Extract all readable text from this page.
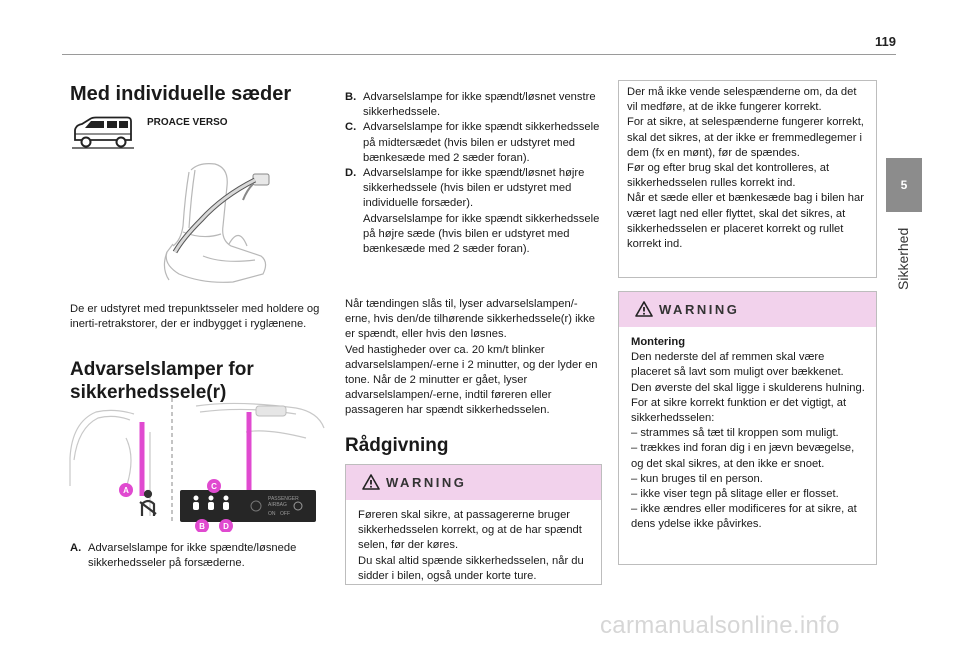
119
5
Sikkerhed
Med individuelle sæder
PROACE VERSO
De er udstyret med trepunktsseler med holdere og inerti-retrakstorer, der er indbygget i ryglænene.
Advarselslamper for sikkerhedssele(r)
A	C
B D
PASSENGER
AIRBAG
ON OFF
A. Advarselslampe for ikke spændte/løsnede sikkerhedsseler på forsæderne.
B. Advarselslampe for ikke spændt/løsnet venstre sikkerhedssele.
C. Advarselslampe for ikke spændt sikkerhedssele på midtersædet (hvis bilen er udstyret med bænkesæde med 2 sæder foran).
D. Advarselslampe for ikke spændt/løsnet højre sikkerhedssele (hvis bilen er udstyret med individuelle forsæder).
Advarselslampe for ikke spændt sikkerhedssele på højre sæde (hvis bilen er udstyret med bænkesæde med 2 sæder foran).
Når tændingen slås til, lyser advarselslampen/-erne, hvis den/de tilhørende sikkerhedssele(r) ikke er spændt, eller hvis den løsnes.
Ved hastigheder over ca. 20 km/t blinker advarselslampen/-erne i 2 minutter, og der lyder en tone. Når de 2 minutter er gået, lyser advarselslampen/-erne, indtil føreren eller passageren har spændt sikkerhedsselen.
Rådgivning
WARNING
Føreren skal sikre, at passagererne bruger sikkerhedsselen korrekt, og at de har spændt selen, før der køres.
Du skal altid spænde sikkerhedsselen, når du sidder i bilen, også under korte ture.
Der må ikke vende selespænderne om, da det vil medføre, at de ikke fungerer korrekt.
For at sikre, at selespænderne fungerer korrekt, skal det sikres, at der ikke er fremmedlegemer i dem (fx en mønt), før de spændes.
Før og efter brug skal det kontrolleres, at sikkerhedsselen rulles korrekt ind.
Når et sæde eller et bænkesæde bag i bilen har været lagt ned eller flyttet, skal det sikres, at sikkerhedsselen er placeret korrekt og rullet korrekt ind.
WARNING
Montering
Den nederste del af remmen skal være placeret så lavt som muligt over bækkenet.
Den øverste del skal ligge i skulderens hulning.
For at sikre korrekt funktion er det vigtigt, at sikkerhedsselen:
– strammes så tæt til kroppen som muligt.
– trækkes ind foran dig i en jævn bevægelse, og det skal sikres, at den ikke er snoet.
– kun bruges til en person.
– ikke viser tegn på slitage eller er flosset.
– ikke ændres eller modificeres for at sikre, at dens ydelse ikke påvirkes.
carmanualsonline.info
